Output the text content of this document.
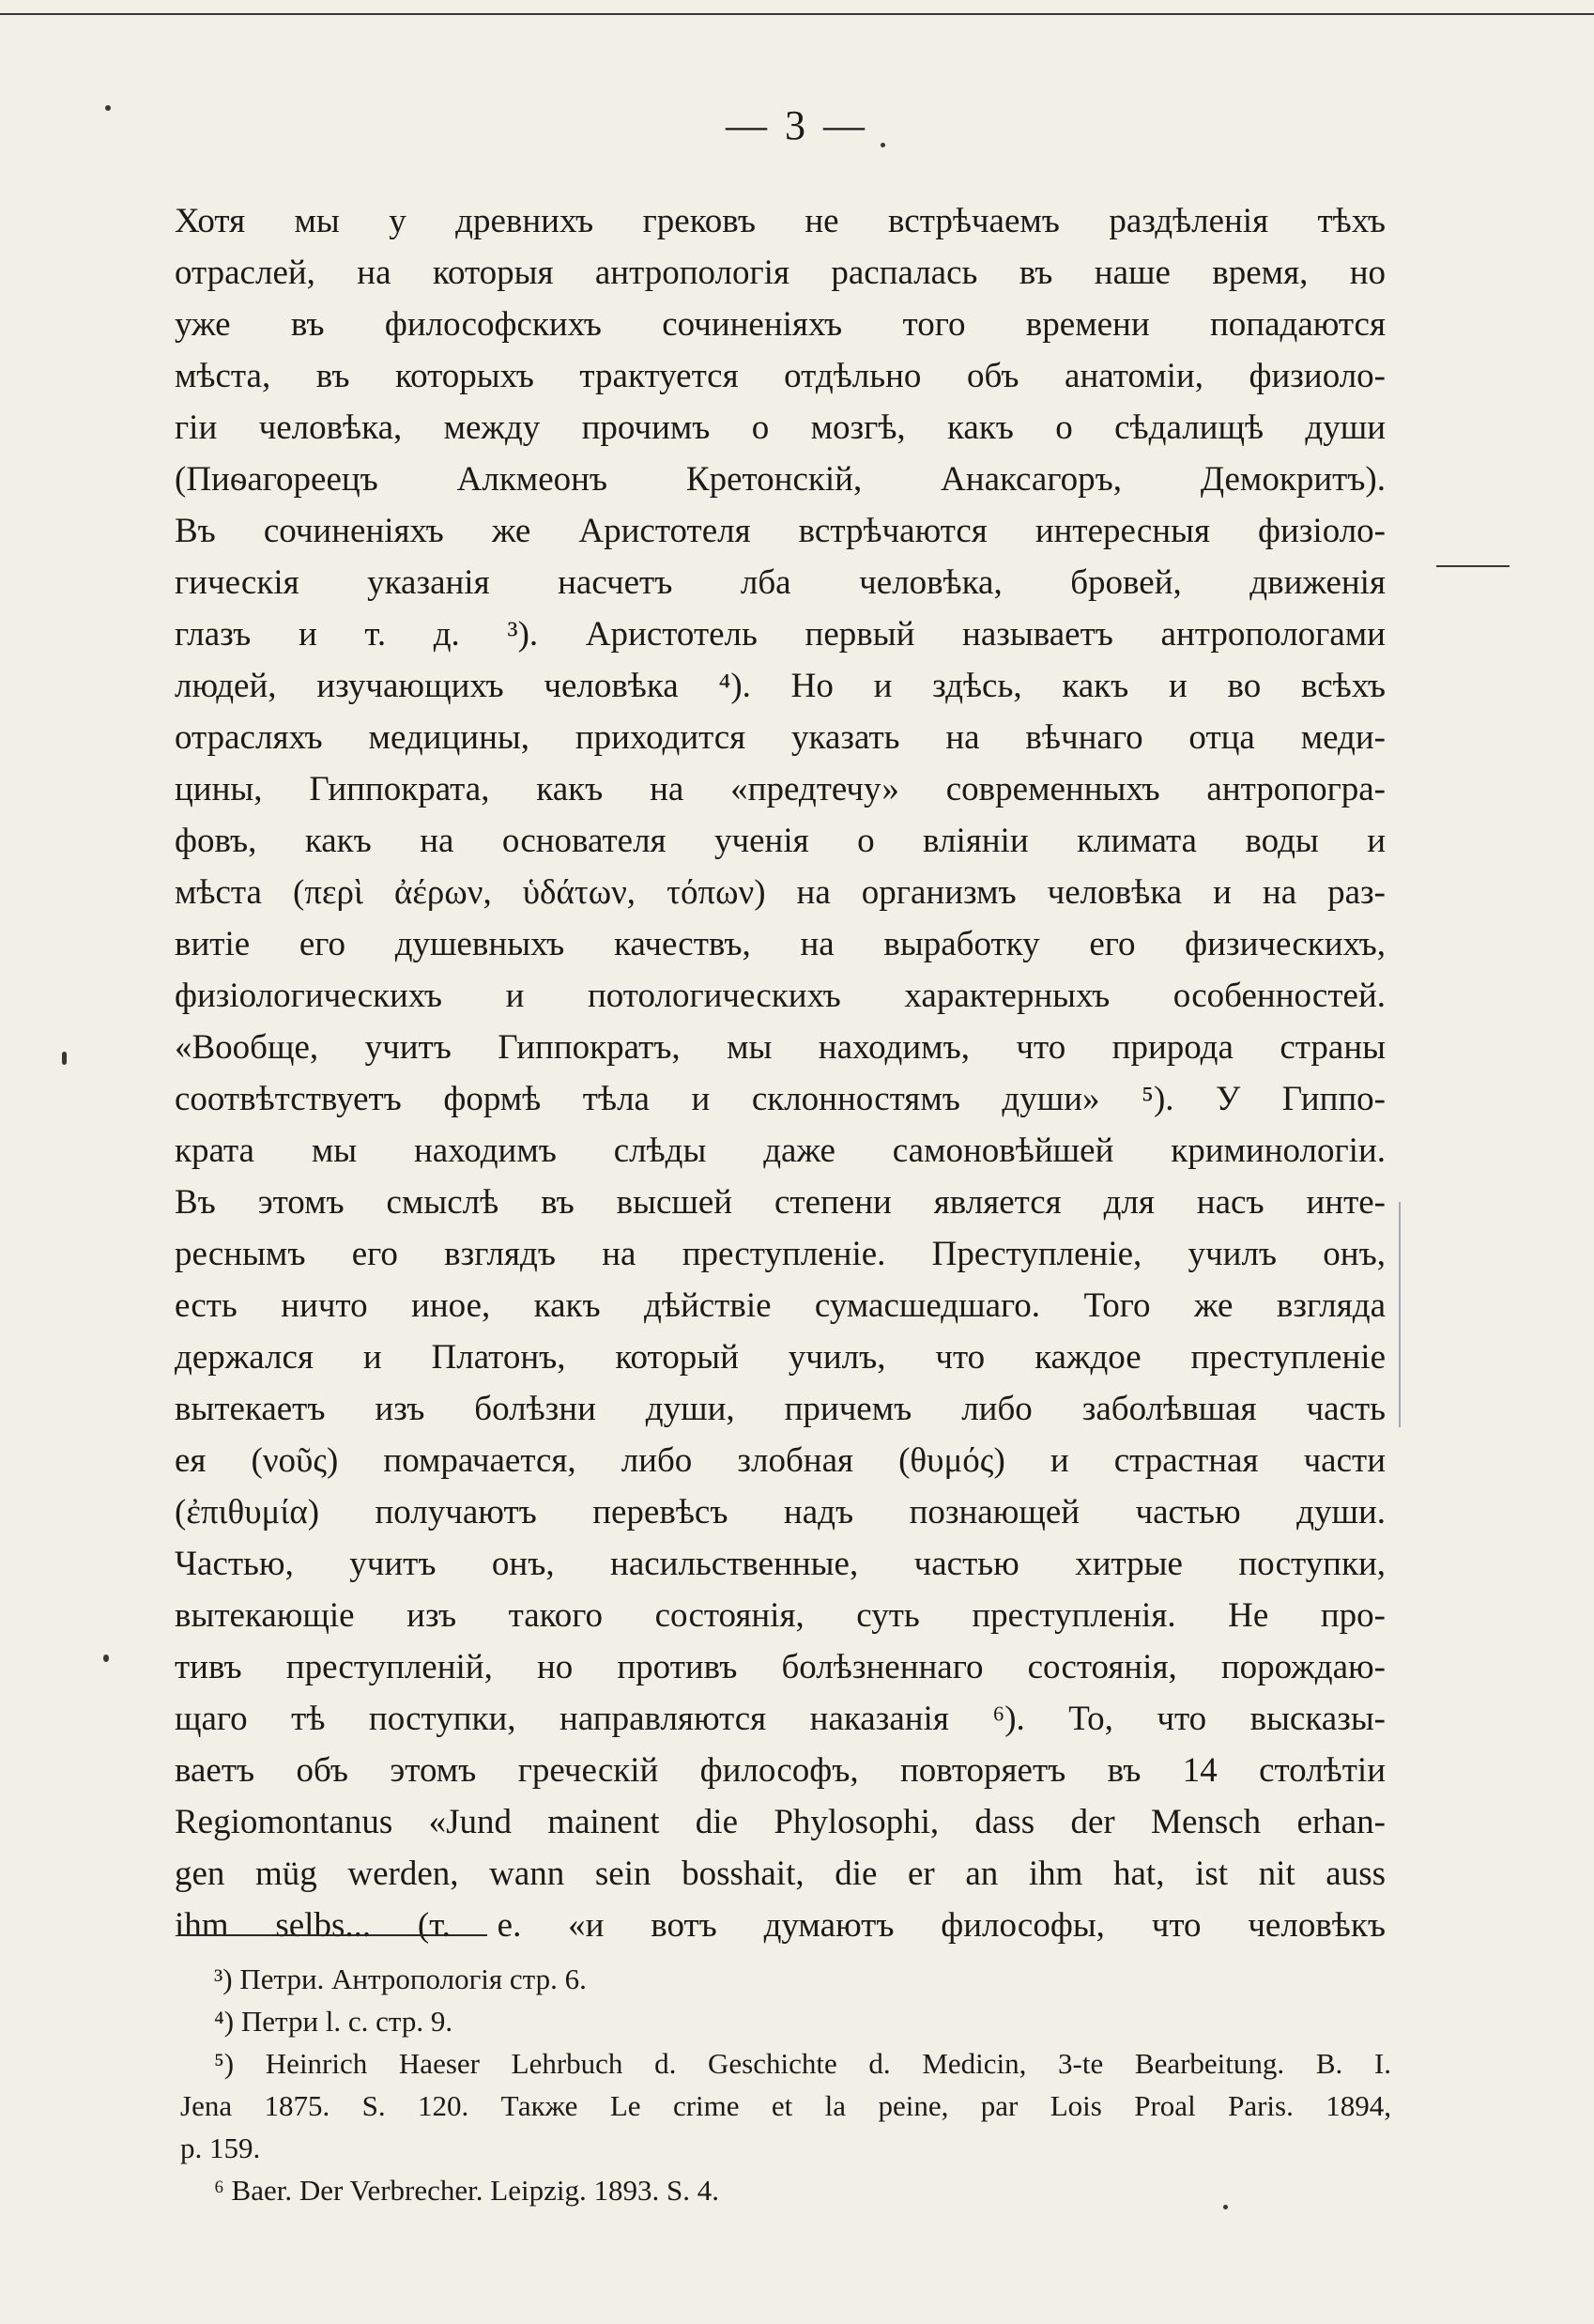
— 3 —
Хотя мы у древнихъ грековъ не встрѣчаемъ раздѣленія тѣхъ
отраслей, на которыя антропологія распалась въ наше время, но
уже въ философскихъ сочиненіяхъ того времени попадаются
мѣста, въ которыхъ трактуется отдѣльно объ анатоміи, физиоло-
гіи человѣка, между прочимъ о мозгѣ, какъ о сѣдалищѣ души
(Пиѳагореецъ Алкмеонъ Кретонскій, Анаксагоръ, Демокритъ).
Въ сочиненіяхъ же Аристотеля встрѣчаются интересныя физіоло-
гическія указанія насчетъ лба человѣка, бровей, движенія
глазъ и т. д. ³). Аристотель первый называетъ антропологами
людей, изучающихъ человѣка ⁴). Но и здѣсь, какъ и во всѣхъ
отрасляхъ медицины, приходится указать на вѣчнаго отца меди-
цины, Гиппократа, какъ на «предтечу» современныхъ антропогра-
фовъ, какъ на основателя ученія о вліяніи климата воды и
мѣста (περὶ ἀέρων, ὑδάτων, τόπων) на организмъ человѣка и на раз-
витіе его душевныхъ качествъ, на выработку его физическихъ,
физіологическихъ и потологическихъ характерныхъ особенностей.
«Вообще, учитъ Гиппократъ, мы находимъ, что природа страны
соотвѣтствуетъ формѣ тѣла и склонностямъ души» ⁵). У Гиппо-
крата мы находимъ слѣды даже самоновѣйшей криминологіи.
Въ этомъ смыслѣ въ высшей степени является для насъ инте-
реснымъ его взглядъ на преступленіе. Преступленіе, училъ онъ,
есть ничто иное, какъ дѣйствіе сумасшедшаго. Того же взгляда
держался и Платонъ, который училъ, что каждое преступленіе
вытекаетъ изъ болѣзни души, причемъ либо заболѣвшая часть
ея (νοῦς) помрачается, либо злобная (θυμός) и страстная части
(ἐπιθυμία) получаютъ перевѣсъ надъ познающей частью души.
Частью, учитъ онъ, насильственные, частью хитрые поступки,
вытекающіе изъ такого состоянія, суть преступленія. Не про-
тивъ преступленій, но противъ болѣзненнаго состоянія, порождаю-
щаго тѣ поступки, направляются наказанія ⁶). То, что высказы-
ваетъ объ этомъ греческій философъ, повторяетъ въ 14 столѣтіи
Regiomontanus «Jund mainent die Phylosophi, dass der Mensch erhan-
gen müg werden, wann sein bosshait, die er an ihm hat, ist nit auss
ihm selbs... (т. е. «и вотъ думаютъ философы, что человѣкъ
³) Петри. Антропологія стр. 6.
⁴) Петри l. c. стр. 9.
⁵) Heinrich Haeser Lehrbuch d. Geschichte d. Medicin, 3-te Bearbeitung. B. I.
Jena 1875. S. 120. Также Le crime et la peine, par Lois Proal Paris. 1894,
p. 159.
⁶ Baer. Der Verbrecher. Leipzig. 1893. S. 4.
